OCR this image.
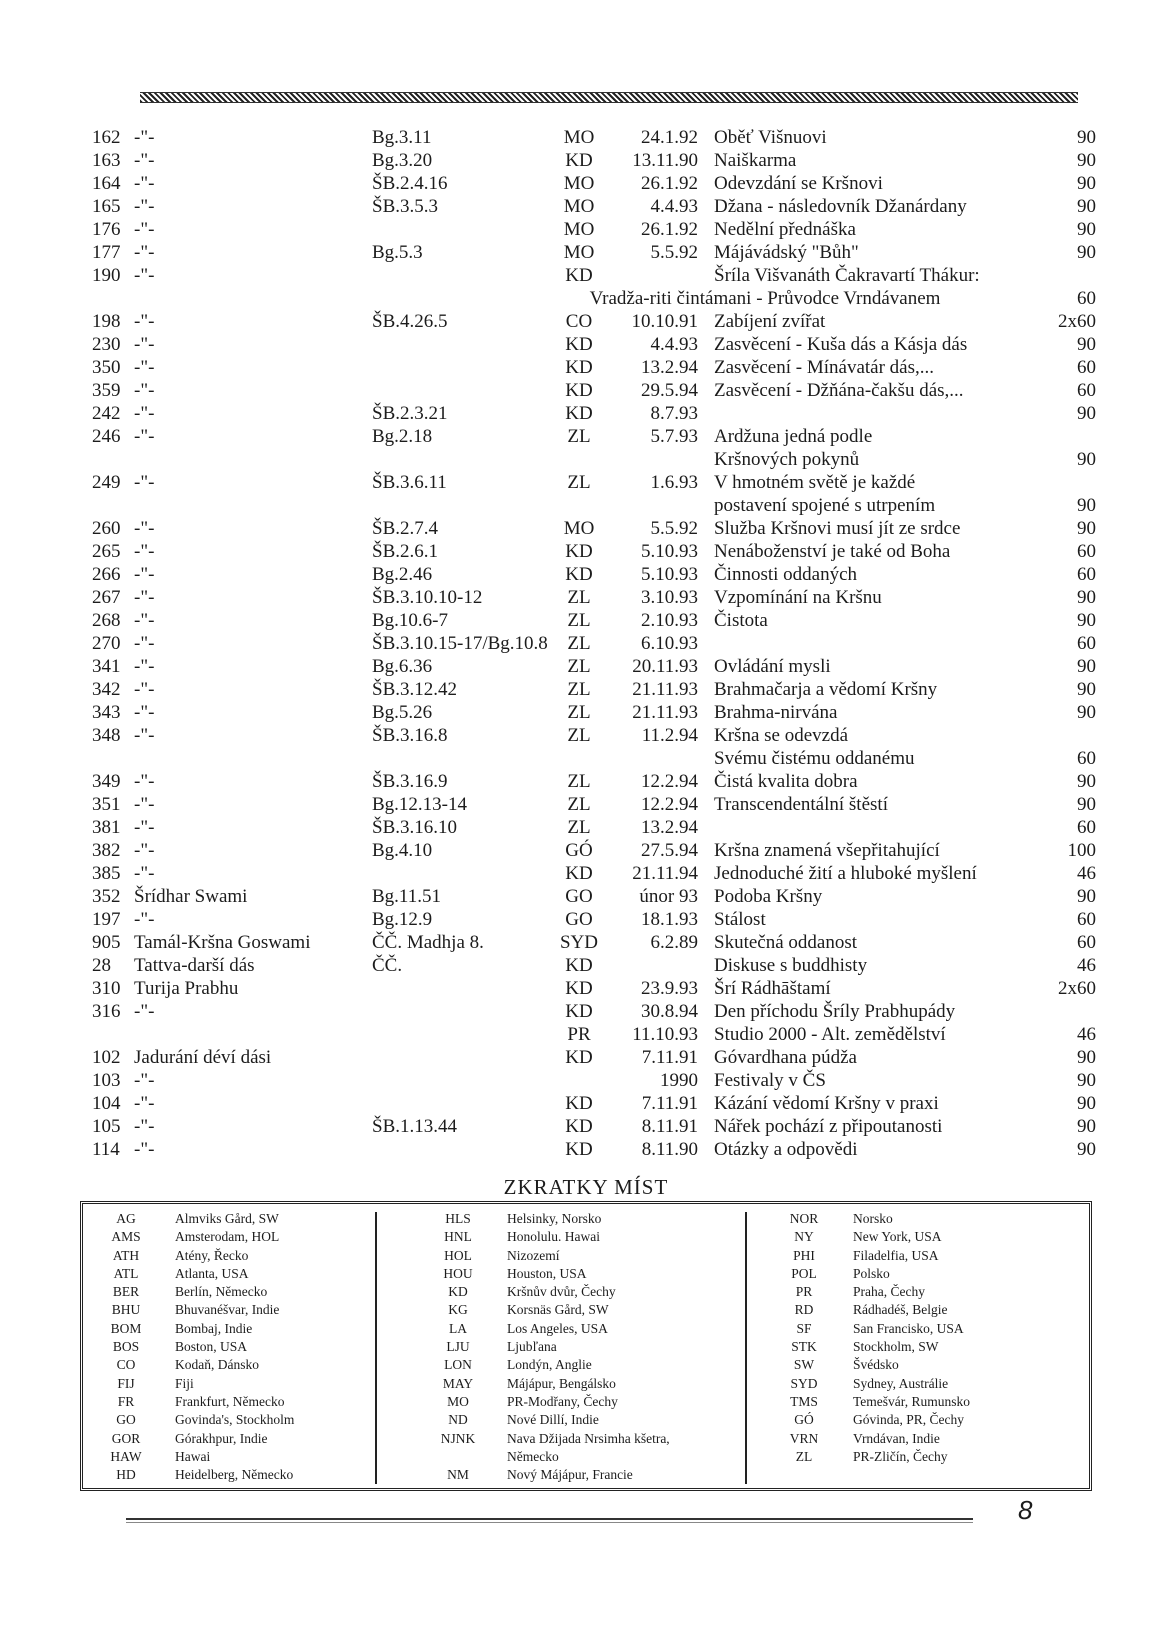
162 -"-	Bg.3.11	MO	24.1.92 Oběť Višnuovi	90
163 -"-	Bg.3.20	KD	13.11.90 Naiškarma	90
164 -"-	ŠB.2.4.16	MO	26.1.92 Odevzdání se Kršnovi	90
165 -"-	ŠB.3.5.3	MO	4.4.93 Džana - následovník Džanárdany	90
176 -"-	MO	26.1.92 Nedělní přednáška	90
177 -"-	Bg.5.3	MO	5.5.92 Májávádský "Bůh"	90
190 -"-	KD	Šríla Višvanáth Čakravartí Thákur:
Vradža-riti čintámani - Průvodce Vrndávanem	60
198 -"-	ŠB.4.26.5	CO	10.10.91 Zabíjení zvířat	2x60
230 -"-	KD	4.4.93 Zasvěcení - Kuša dás a Kásja dás	90
350 -"-	KD	13.2.94 Zasvěcení - Mínávatár dás,...	60
359 -"-	KD	29.5.94 Zasvěcení - Džňána-čakšu dás,...	60
242 -"-	ŠB.2.3.21	KD	8.7.93	90
246 -"-	Bg.2.18	ZL	5.7.93 Ardžuna jedná podle
Kršnových pokynů	90
249 -"-	ŠB.3.6.11	ZL	1.6.93 V hmotném světě je každé
postavení spojené s utrpením	90
260 -"-	ŠB.2.7.4	MO	5.5.92 Služba Kršnovi musí jít ze srdce	90
265 -"-	ŠB.2.6.1	KD	5.10.93 Nenáboženství je také od Boha	60
266 -"-	Bg.2.46	KD	5.10.93 Činnosti oddaných	60
267 -"-	ŠB.3.10.10-12	ZL	3.10.93 Vzpomínání na Kršnu	90
268 -"-	Bg.10.6-7	ZL	2.10.93 Čistota	90
270 -"-	ŠB.3.10.15-17/Bg.10.8	ZL	6.10.93	60
341 -"-	Bg.6.36	ZL	20.11.93 Ovládání mysli	90
342 -"-	ŠB.3.12.42	ZL	21.11.93 Brahmačarja a vědomí Kršny	90
343 -"-	Bg.5.26	ZL	21.11.93 Brahma-nirvána	90
348 -"-	ŠB.3.16.8	ZL	11.2.94 Kršna se odevzdá
Svému čistému oddanému	60
349 -"-	ŠB.3.16.9	ZL	12.2.94 Čistá kvalita dobra	90
351 -"-	Bg.12.13-14	ZL	12.2.94 Transcendentální štěstí	90
381 -"-	ŠB.3.16.10	ZL	13.2.94	60
382 -"-	Bg.4.10	GÓ	27.5.94 Kršna znamená všepřitahující	100
385 -"-	KD	21.11.94 Jednoduché žití a hluboké myšlení	46
352 Šrídhar Swami	Bg.11.51	GO	únor 93 Podoba Kršny	90
197 -"-	Bg.12.9	GO	18.1.93 Stálost	60
905 Tamál-Kršna Goswami	ČČ. Madhja 8.	SYD	6.2.89 Skutečná oddanost	60
28 Tattva-darší dás	ČČ.	KD	Diskuse s buddhisty	46
310 Turija Prabhu	KD	23.9.93 Šrí Rádhāštamí	2x60
316 -"-	KD	30.8.94 Den příchodu Šríly Prabhupády
PR	11.10.93 Studio 2000 - Alt. zemědělství	46
102 Jadurání déví dási	KD	7.11.91 Góvardhana púdža	90
103 -"-	1990 Festivaly v ČS	90
104 -"-	KD	7.11.91 Kázání vědomí Kršny v praxi	90
105 -"-	ŠB.1.13.44	KD	8.11.91 Nářek pochází z připoutanosti	90
114 -"-	KD	8.11.90 Otázky a odpovědi	90
ZKRATKY MÍST
AG	Almviks Gård, SW
AMS	Amsterodam, HOL
ATH	Atény, Řecko
ATL	Atlanta, USA
BER	Berlín, Německo
BHU	Bhuvanéšvar, Indie
BOM	Bombaj, Indie
BOS	Boston, USA
CO	Kodaň, Dánsko
FIJ	Fiji
FR	Frankfurt, Německo
GO	Govinda's, Stockholm
GOR	Górakhpur, Indie
HAW	Hawai
HD	Heidelberg, Německo
HLS	Helsinky, Norsko
HNL	Honolulu. Hawai
HOL	Nizozemí
HOU	Houston, USA
KD	Kršnův dvůr, Čechy
KG	Korsnäs Gård, SW
LA	Los Angeles, USA
LJU	Ljubľana
LON	Londýn, Anglie
MAY	Májápur, Bengálsko
MO	PR-Modřany, Čechy
ND	Nové Dillí, Indie
NJNK	Nava Džijada Nrsimha kšetra,
Německo
NM	Nový Májápur, Francie
NOR	Norsko
NY	New York, USA
PHI	Filadelfia, USA
POL	Polsko
PR	Praha, Čechy
RD	Rádhadéš, Belgie
SF	San Francisko, USA
STK	Stockholm, SW
SW	Švédsko
SYD	Sydney, Austrálie
TMS	Temešvár, Rumunsko
GÓ	Góvinda, PR, Čechy
VRN	Vrndávan, Indie
ZL	PR-Zličín, Čechy
8
